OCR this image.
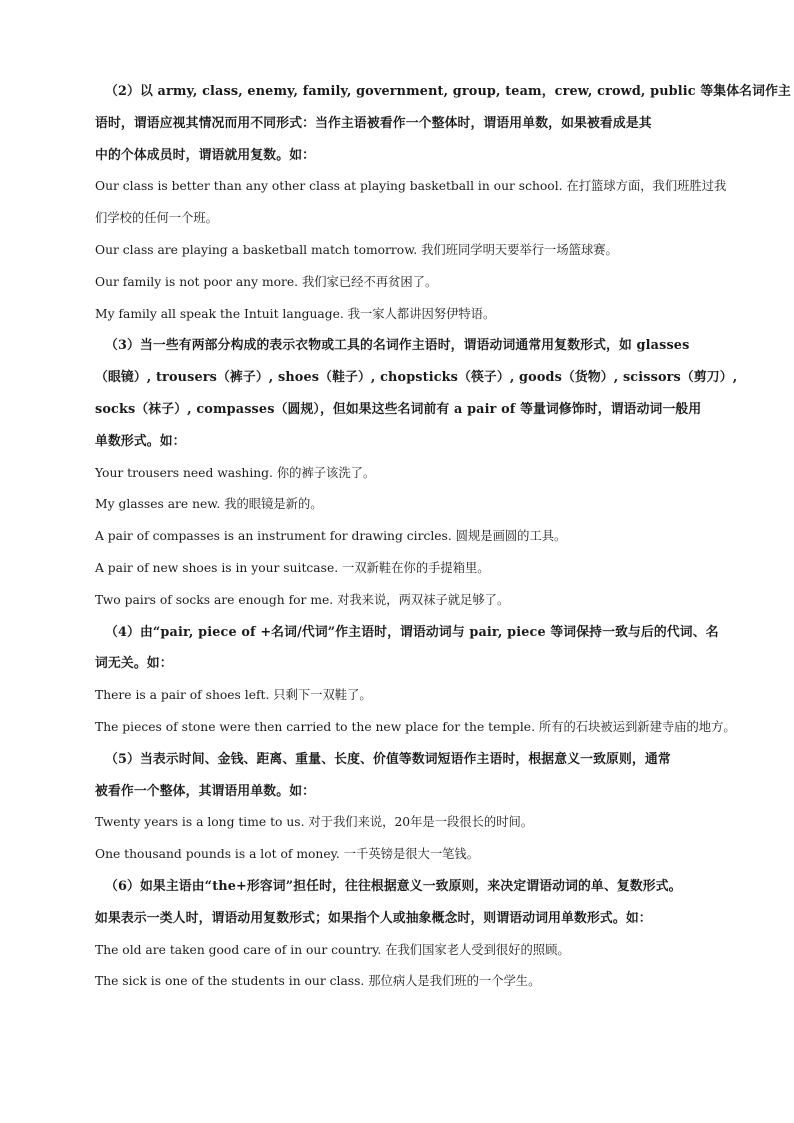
（2）以 army, class, enemy, family, government, group, team，crew, crowd, public 等集体名词作主
语时，谓语应视其情况而用不同形式：当作主语被看作一个整体时，谓语用单数，如果被看成是其
中的个体成员时，谓语就用复数。如：
Our class is better than any other class at playing basketball in our school. 在打篮球方面，我们班胜过我
们学校的任何一个班。
Our class are playing a basketball match tomorrow. 我们班同学明天要举行一场篮球赛。
Our family is not poor any more. 我们家已经不再贫困了。
My family all speak the Intuit language. 我一家人都讲因努伊特语。
（3）当一些有两部分构成的表示衣物或工具的名词作主语时，谓语动词通常用复数形式，如 glasses
（眼镜）, trousers（裤子）, shoes（鞋子）, chopsticks（筷子）, goods（货物）, scissors（剪刀）,
socks（袜子）, compasses（圆规），但如果这些名词前有 a pair of 等量词修饰时，谓语动词一般用
单数形式。如：
Your trousers need washing. 你的裤子该洗了。
My glasses are new. 我的眼镜是新的。
A pair of compasses is an instrument for drawing circles. 圆规是画圆的工具。
A pair of new shoes is in your suitcase. 一双新鞋在你的手提箱里。
Two pairs of socks are enough for me. 对我来说，两双袜子就足够了。
（4）由“pair, piece of +名词/代词”作主语时，谓语动词与 pair, piece 等词保持一致与后的代词、名
词无关。如：
There is a pair of shoes left. 只剩下一双鞋了。
The pieces of stone were then carried to the new place for the temple. 所有的石块被运到新建寺庙的地方。
（5）当表示时间、金钱、距离、重量、长度、价值等数词短语作主语时，根据意义一致原则，通常
被看作一个整体，其谓语用单数。如：
Twenty years is a long time to us. 对于我们来说，20年是一段很长的时间。
One thousand pounds is a lot of money. 一千英镑是很大一笔钱。
（6）如果主语由“the+形容词”担任时，往往根据意义一致原则，来决定谓语动词的单、复数形式。
如果表示一类人时，谓语动用复数形式；如果指个人或抽象概念时，则谓语动词用单数形式。如：
The old are taken good care of in our country. 在我们国家老人受到很好的照顾。
The sick is one of the students in our class. 那位病人是我们班的一个学生。
